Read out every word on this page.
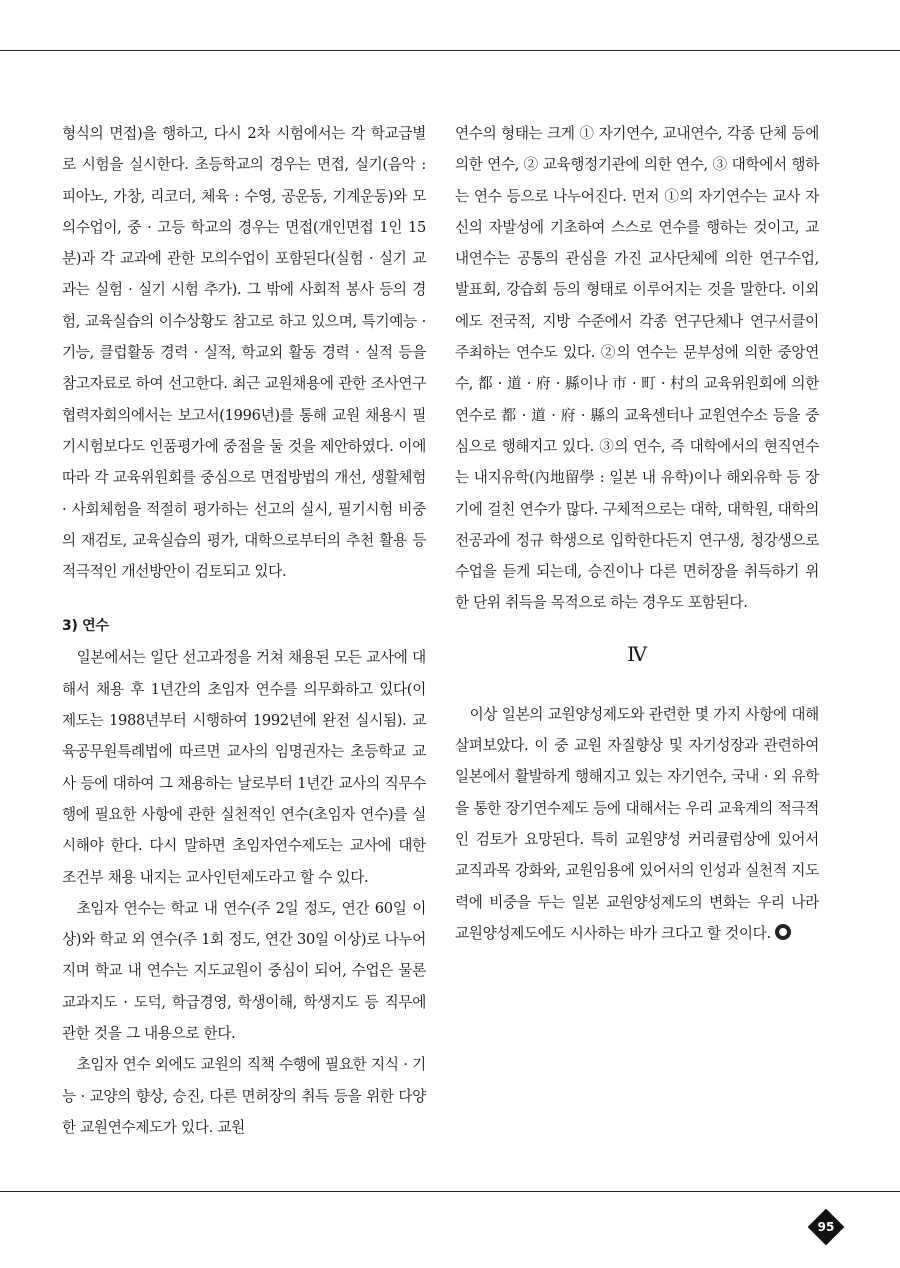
형식의 면접)을 행하고, 다시 2차 시험에서는 각 학교급별로 시험을 실시한다. 초등학교의 경우는 면접, 실기(음악 : 피아노, 가창, 리코더, 체육 : 수영, 공운동, 기계운동)와 모의수업이, 중 · 고등 학교의 경우는 면접(개인면접 1인 15분)과 각 교과에 관한 모의수업이 포함된다(실험 · 실기 교과는 실험 · 실기 시험 추가). 그 밖에 사회적 봉사 등의 경험, 교육실습의 이수상황도 참고로 하고 있으며, 특기예능 · 기능, 클럽활동 경력 · 실적, 학교외 활동 경력 · 실적 등을 참고자료로 하여 선고한다. 최근 교원채용에 관한 조사연구협력자회의에서는 보고서(1996년)를 통해 교원 채용시 필기시험보다도 인품평가에 중점을 둘 것을 제안하였다. 이에 따라 각 교육위원회를 중심으로 면접방법의 개선, 생활체험 · 사회체험을 적절히 평가하는 선고의 실시, 필기시험 비중의 재검토, 교육실습의 평가, 대학으로부터의 추천 활용 등 적극적인 개선방안이 검토되고 있다.

3) 연수

일본에서는 일단 선고과정을 거쳐 채용된 모든 교사에 대해서 채용 후 1년간의 초임자 연수를 의무화하고 있다(이 제도는 1988년부터 시행하여 1992년에 완전 실시됨). 교육공무원특례법에 따르면 교사의 임명권자는 초등학교 교사 등에 대하여 그 채용하는 날로부터 1년간 교사의 직무수행에 필요한 사항에 관한 실천적인 연수(초임자 연수)를 실시해야 한다. 다시 말하면 초임자연수제도는 교사에 대한 조건부 채용 내지는 교사인턴제도라고 할 수 있다.

초임자 연수는 학교 내 연수(주 2일 정도, 연간 60일 이상)와 학교 외 연수(주 1회 정도, 연간 30일 이상)로 나누어지며 학교 내 연수는 지도교원이 중심이 되어, 수업은 물론 교과지도 · 도덕, 학급경영, 학생이해, 학생지도 등 직무에 관한 것을 그 내용으로 한다.

초임자 연수 외에도 교원의 직책 수행에 필요한 지식 · 기능 · 교양의 향상, 승진, 다른 면허장의 취득 등을 위한 다양한 교원연수제도가 있다. 교원

연수의 형태는 크게 ① 자기연수, 교내연수, 각종 단체 등에 의한 연수, ② 교육행정기관에 의한 연수, ③ 대학에서 행하는 연수 등으로 나누어진다. 먼저 ①의 자기연수는 교사 자신의 자발성에 기초하여 스스로 연수를 행하는 것이고, 교내연수는 공통의 관심을 가진 교사단체에 의한 연구수업, 발표회, 강습회 등의 형태로 이루어지는 것을 말한다. 이외에도 전국적, 지방 수준에서 각종 연구단체나 연구서클이 주최하는 연수도 있다. ②의 연수는 문부성에 의한 중앙연수, 都 · 道 · 府 · 縣이나 市 · 町 · 村의 교육위원회에 의한 연수로 都 · 道 · 府 · 縣의 교육센터나 교원연수소 등을 중심으로 행해지고 있다. ③의 연수, 즉 대학에서의 현직연수는 내지유학(內地留學 : 일본 내 유학)이나 해외유학 등 장기에 걸친 연수가 많다. 구체적으로는 대학, 대학원, 대학의 전공과에 정규 학생으로 입학한다든지 연구생, 청강생으로 수업을 듣게 되는데, 승진이나 다른 면허장을 취득하기 위한 단위 취득을 목적으로 하는 경우도 포함된다.

Ⅳ

이상 일본의 교원양성제도와 관련한 몇 가지 사항에 대해 살펴보았다. 이 중 교원 자질향상 및 자기성장과 관련하여 일본에서 활발하게 행해지고 있는 자기연수, 국내 · 외 유학을 통한 장기연수제도 등에 대해서는 우리 교육계의 적극적인 검토가 요망된다. 특히 교원양성 커리큘럼상에 있어서 교직과목 강화와, 교원임용에 있어서의 인성과 실천적 지도력에 비중을 두는 일본 교원양성제도의 변화는 우리 나라 교원양성제도에도 시사하는 바가 크다고 할 것이다.

95
